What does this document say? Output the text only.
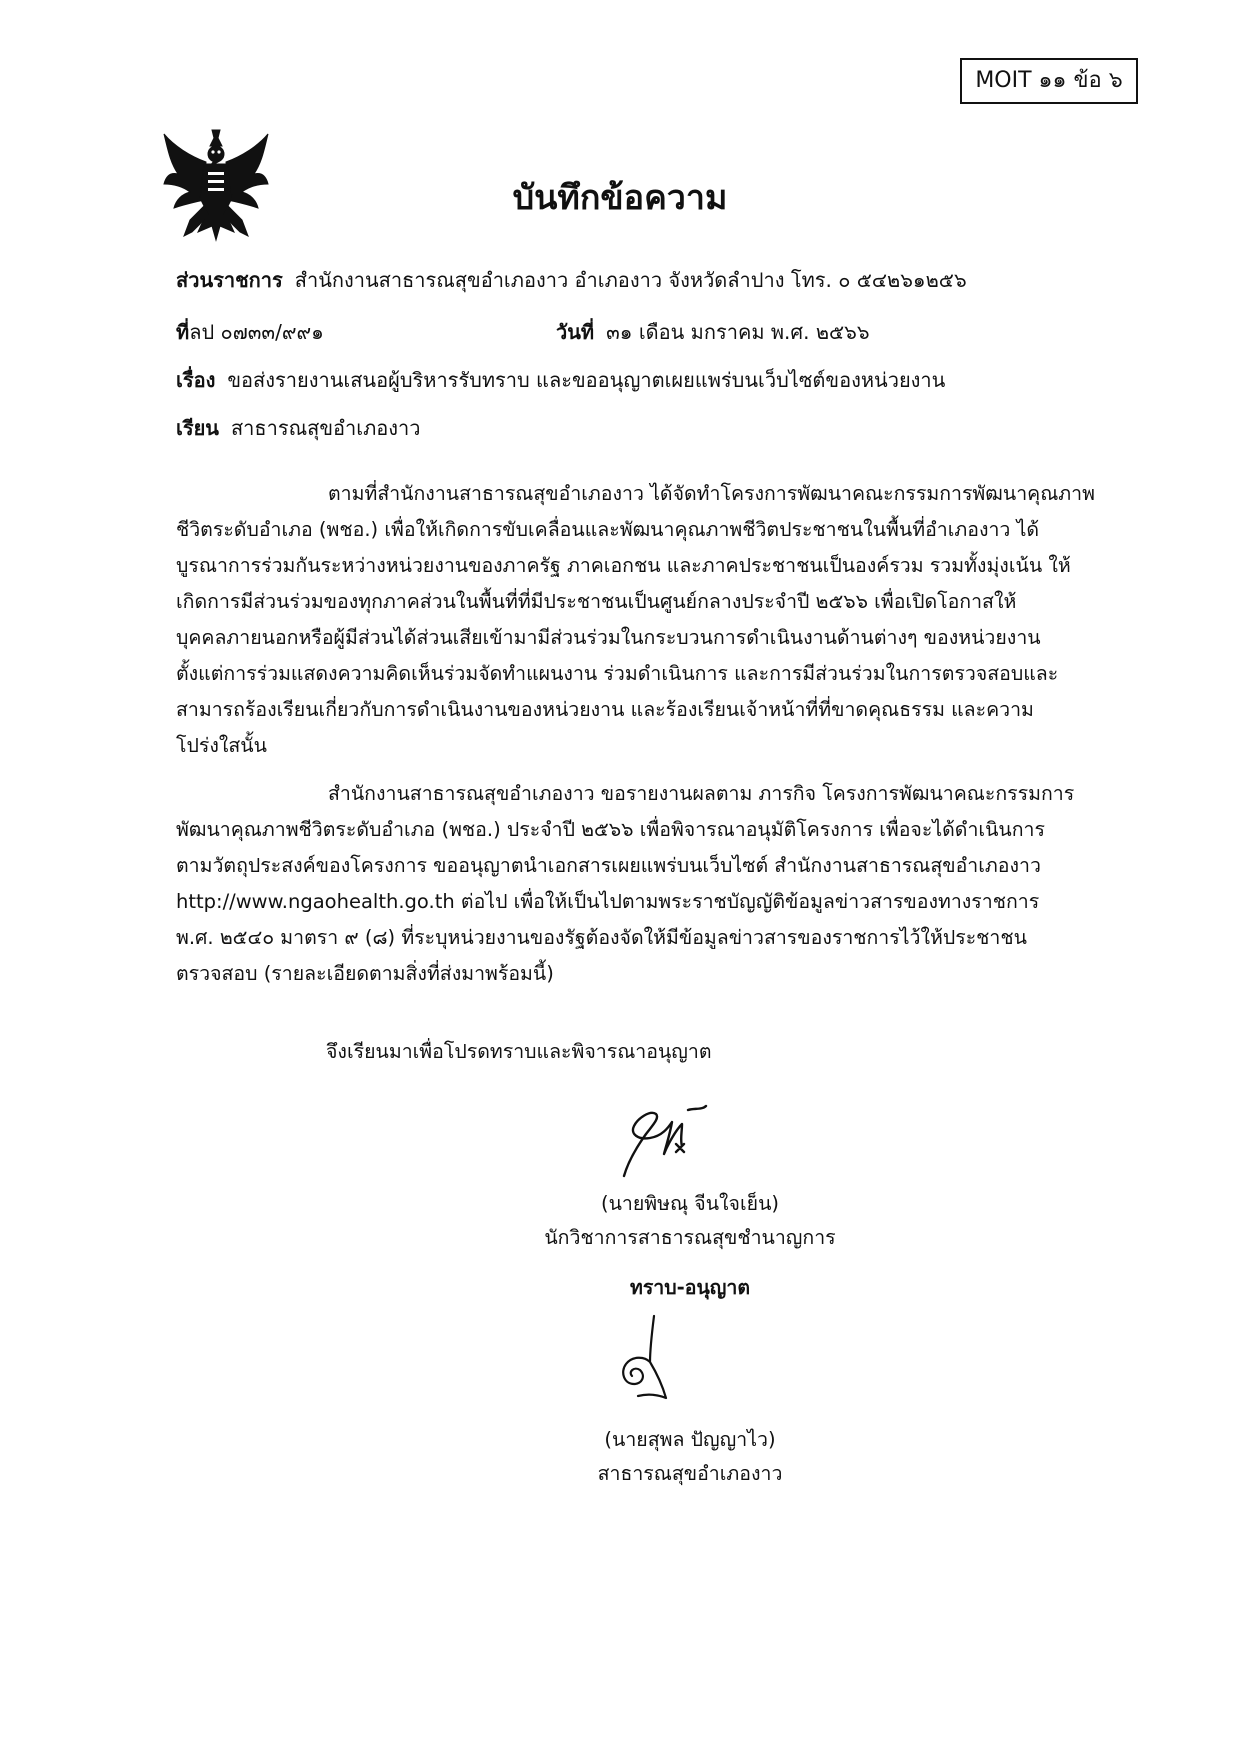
MOIT ๑๑ ข้อ ๖
บันทึกข้อความ
ส่วนราชการ สำนักงานสาธารณสุขอำเภองาว อำเภองาว จังหวัดลำปาง โทร. ๐ ๕๔๒๖๑๒๕๖
ที่ลป ๐๗๓๓/๙๙๑	วันที่ ๓๑ เดือน มกราคม พ.ศ. ๒๕๖๖
เรื่อง ขอส่งรายงานเสนอผู้บริหารรับทราบ และขออนุญาตเผยแพร่บนเว็บไซต์ของหน่วยงาน
เรียน สาธารณสุขอำเภองาว
ตามที่สำนักงานสาธารณสุขอำเภองาว ได้จัดทำโครงการพัฒนาคณะกรรมการพัฒนาคุณภาพ
ชีวิตระดับอำเภอ (พชอ.) เพื่อให้เกิดการขับเคลื่อนและพัฒนาคุณภาพชีวิตประชาชนในพื้นที่อำเภองาว ได้
บูรณาการร่วมกันระหว่างหน่วยงานของภาครัฐ ภาคเอกชน และภาคประชาชนเป็นองค์รวม รวมทั้งมุ่งเน้น ให้
เกิดการมีส่วนร่วมของทุกภาคส่วนในพื้นที่ที่มีประชาชนเป็นศูนย์กลางประจำปี ๒๕๖๖ เพื่อเปิดโอกาสให้
บุคคลภายนอกหรือผู้มีส่วนได้ส่วนเสียเข้ามามีส่วนร่วมในกระบวนการดำเนินงานด้านต่างๆ ของหน่วยงาน
ตั้งแต่การร่วมแสดงความคิดเห็นร่วมจัดทำแผนงาน ร่วมดำเนินการ และการมีส่วนร่วมในการตรวจสอบและ
สามารถร้องเรียนเกี่ยวกับการดำเนินงานของหน่วยงาน และร้องเรียนเจ้าหน้าที่ที่ขาดคุณธรรม และความ
โปร่งใสนั้น
สำนักงานสาธารณสุขอำเภองาว ขอรายงานผลตาม ภารกิจ โครงการพัฒนาคณะกรรมการ
พัฒนาคุณภาพชีวิตระดับอำเภอ (พชอ.) ประจำปี ๒๕๖๖ เพื่อพิจารณาอนุมัติโครงการ เพื่อจะได้ดำเนินการ
ตามวัตถุประสงค์ของโครงการ ขออนุญาตนำเอกสารเผยแพร่บนเว็บไซต์ สำนักงานสาธารณสุขอำเภองาว
http://www.ngaohealth.go.th ต่อไป เพื่อให้เป็นไปตามพระราชบัญญัติข้อมูลข่าวสารของทางราชการ
พ.ศ. ๒๕๔๐ มาตรา ๙ (๘) ที่ระบุหน่วยงานของรัฐต้องจัดให้มีข้อมูลข่าวสารของราชการไว้ให้ประชาชน
ตรวจสอบ (รายละเอียดตามสิ่งที่ส่งมาพร้อมนี้)
จึงเรียนมาเพื่อโปรดทราบและพิจารณาอนุญาต
(นายพิษณุ จีนใจเย็น)
นักวิชาการสาธารณสุขชำนาญการ
ทราบ-อนุญาต
(นายสุพล ปัญญาไว)
สาธารณสุขอำเภองาว
